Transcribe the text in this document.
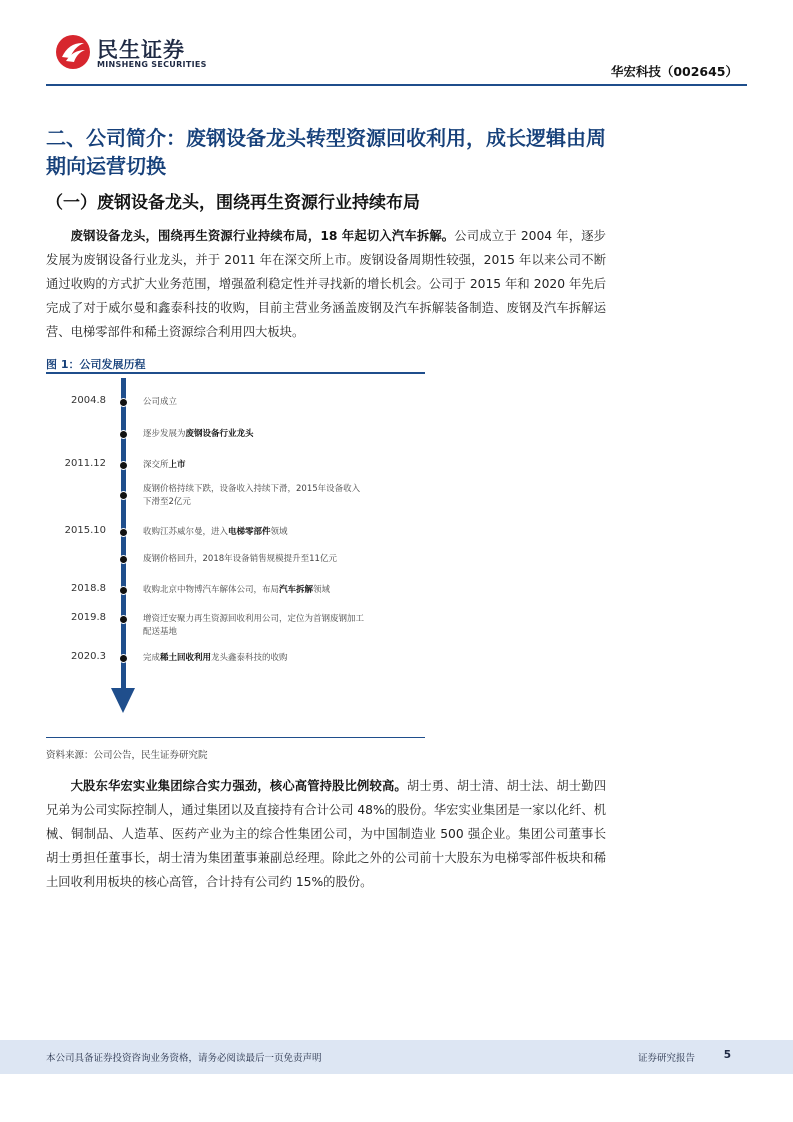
民生证券
MINSHENG SECURITIES	华宏科技（002645）
二、公司简介：废钢设备龙头转型资源回收利用，成长逻辑由周期向运营切换
（一）废钢设备龙头，围绕再生资源行业持续布局
废钢设备龙头，围绕再生资源行业持续布局，18 年起切入汽车拆解。公司成立于 2004 年，逐步发展为废钢设备行业龙头，并于 2011 年在深交所上市。废钢设备周期性较强，2015 年以来公司不断通过收购的方式扩大业务范围，增强盈利稳定性并寻找新的增长机会。公司于 2015 年和 2020 年先后完成了对于威尔曼和鑫泰科技的收购，目前主营业务涵盖废钢及汽车拆解装备制造、废钢及汽车拆解运营、电梯零部件和稀土资源综合利用四大板块。
图 1：公司发展历程
2004.8	公司成立
逐步发展为废钢设备行业龙头
2011.12	深交所上市
废钢价格持续下跌，设备收入持续下滑，2015年设备收入下滑至2亿元
2015.10	收购江苏威尔曼，进入电梯零部件领域
废钢价格回升，2018年设备销售规模提升至11亿元
2018.8	收购北京中物博汽车解体公司，布局汽车拆解领域
2019.8	增资迁安聚力再生资源回收利用公司，定位为首钢废钢加工配送基地
2020.3	完成稀土回收利用龙头鑫泰科技的收购
资料来源：公司公告，民生证券研究院
大股东华宏实业集团综合实力强劲，核心高管持股比例较高。胡士勇、胡士清、胡士法、胡士勤四兄弟为公司实际控制人，通过集团以及直接持有合计公司 48%的股份。华宏实业集团是一家以化纤、机械、铜制品、人造革、医药产业为主的综合性集团公司，为中国制造业 500 强企业。集团公司董事长胡士勇担任董事长，胡士清为集团董事兼副总经理。除此之外的公司前十大股东为电梯零部件板块和稀土回收利用板块的核心高管，合计持有公司约 15%的股份。
本公司具备证券投资咨询业务资格，请务必阅读最后一页免责声明	证券研究报告	5
